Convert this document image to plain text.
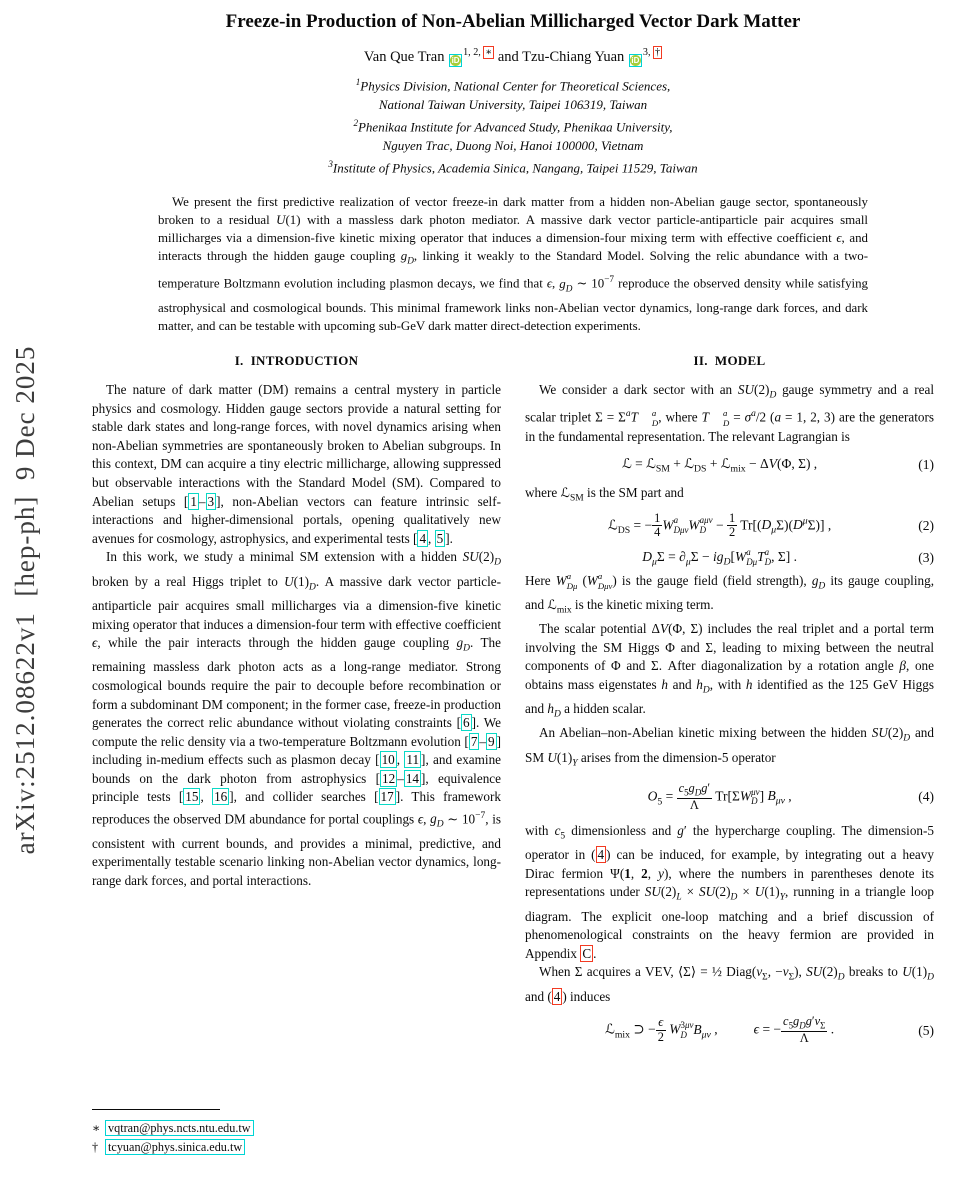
arXiv:2512.08622v1  [hep-ph]  9 Dec 2025
Freeze-in Production of Non-Abelian Millicharged Vector Dark Matter
Van Que Tran $iD^{1, 2, ∗}$ and Tzu-Chiang Yuan $iD^{3, \dagger}$
$^1$Physics Division, National Center for Theoretical Sciences,
National Taiwan University, Taipei 106319, Taiwan
$^2$Phenikaa Institute for Advanced Study, Phenikaa University,
Nguyen Trac, Duong Noi, Hanoi 100000, Vietnam
$^3$Institute of Physics, Academia Sinica, Nangang, Taipei 11529, Taiwan
We present the first predictive realization of vector freeze-in dark matter from a hidden non-Abelian gauge sector, spontaneously broken to a residual U(1) with a massless dark photon mediator. A massive dark vector particle-antiparticle pair acquires small millicharges via a dimension-five kinetic mixing operator that induces a dimension-four mixing term with effective coefficient ϵ, and interacts through the hidden gauge coupling $g_D$, linking it weakly to the Standard Model. Solving the relic abundance with a two-temperature Boltzmann evolution including plasmon decays, we find that ϵ, $g_D$ ∼ $10^{-7}$ reproduce the observed density while satisfying astrophysical and cosmological bounds. This minimal framework links non-Abelian vector dynamics, long-range dark forces, and dark matter, and can be testable with upcoming sub-GeV dark matter direct-detection experiments.
I.  INTRODUCTION

The nature of dark matter (DM) remains a central mystery in particle physics and cosmology. Hidden gauge sectors provide a natural setting for stable dark states and long-range forces, with novel dynamics arising when non-Abelian symmetries are spontaneously broken to Abelian subgroups. In this context, DM can acquire a tiny electric millicharge, allowing suppressed but observable interactions with the Standard Model (SM). Compared to Abelian setups [ 1 – 3 ], non-Abelian vectors can feature intrinsic self-interactions and higher-dimensional portals, opening qualitatively new avenues for cosmology, astrophysics, and experimental tests [ 4 , 5 ].

In this work, we study a minimal SM extension with a hidden $SU(2)_D$ broken by a real Higgs triplet to $U(1)_D$. A massive dark vector particle-antiparticle pair acquires small millicharges via a dimension-five kinetic mixing operator that induces a dimension-four term with effective coefficient ϵ, while the pair interacts through the hidden gauge coupling $g_D$. The remaining massless dark photon acts as a long-range mediator. Strong cosmological bounds require the pair to decouple before recombination or form a subdominant DM component; in the former case, freeze-in production generates the correct relic abundance without violating constraints [ 6 ]. We compute the relic density via a two-temperature Boltzmann evolution [ 7 – 9 ] including in-medium effects such as plasmon decay [ 10 , 11 ], and examine bounds on the dark photon from astrophysics [ 12 – 14 ], equivalence principle tests [ 15 , 16 ], and collider searches [ 17 ]. This framework reproduces the observed DM abundance for portal couplings ϵ, $g_D$ ∼ $10^{-7}$, is consistent with current bounds, and provides a minimal, predictive, and experimentally testable scenario linking non-Abelian vector dynamics, long-range dark forces, and portal interactions.

∗ vqtran@phys.ncts.ntu.edu.tw
† tcyuan@phys.sinica.edu.tw
II.  MODEL

We consider a dark sector with an $SU(2)_D$ gauge symmetry and a real scalar triplet $\Sigma = \Sigma^aT$	a
D , where T	a
$D = \sigma^a/2$ (a = 1, 2, 3) are the generators in the fundamental representation. The relevant Lagrangian is

ℒ = ℒ$_{SM}$ + ℒ$_{DS}$ + ℒ$_{mix}$ − ΔV(Φ, Σ) ,	(1)

where ℒ$_{SM}$ is the SM part and

ℒ$_{DS}$ = − $\frac{1}{4}$ W a
Dμν W aμν
$D - \frac{1}{2} Tr[(D_\mu\Sigma)(D^\mu\Sigma)]$ ,	(2)
$D_\mu\Sigma = \partial_\mu\Sigma - ig_D[W$ a
Dμ T a
D , Σ] .	(3)

Here W a
Dμ (W a
Dμν ) is the gauge field (field strength), $g_D$ its gauge coupling, and ℒ$_{mix}$ is the kinetic mixing term.

The scalar potential ΔV(Φ, Σ) includes the real triplet and a portal term involving the SM Higgs Φ and Σ, leading to mixing between the neutral components of Φ and Σ. After diagonalization by a rotation angle β, one obtains mass eigenstates h and $h_D$, with h identified as the 125 GeV Higgs and $h_D$ a hidden scalar.

An Abelian–non-Abelian kinetic mixing between the hidden $SU(2)_D$ and SM $U(1)_Y$ arises from the dimension-5 operator

$O_5 = \frac{c_5g_Dg'}{\Lambda} Tr[\Sigma W$ μν
D ] $B_{\mu\nu}$ ,	(4)

with $c_5$ dimensionless and g′ the hypercharge coupling. The dimension-5 operator in ( 4 ) can be induced, for example, by integrating out a heavy Dirac fermion Ψ(1, 2, y), where the numbers in parentheses denote its representations under $SU(2)_L \times SU(2)_D \times U(1)_Y$, running in a triangle loop diagram. The explicit one-loop matching and a brief discussion of phenomenological constraints on the heavy fermion are provided in Appendix C .

When Σ acquires a VEV, ⟨Σ⟩ = ½ $Diag(v_\Sigma$, $-v_\Sigma$), $SU(2)_D$ breaks to $U(1)_D$ and ( 4 ) induces

ℒ$_{mix}$ ⊃ − $\frac{\epsilon}{2}$ W 3μν
D $B_{\mu\nu}$ ,	ϵ = − $\frac{c_5g_Dg'v_\Sigma}{\Lambda}$ .	(5)
